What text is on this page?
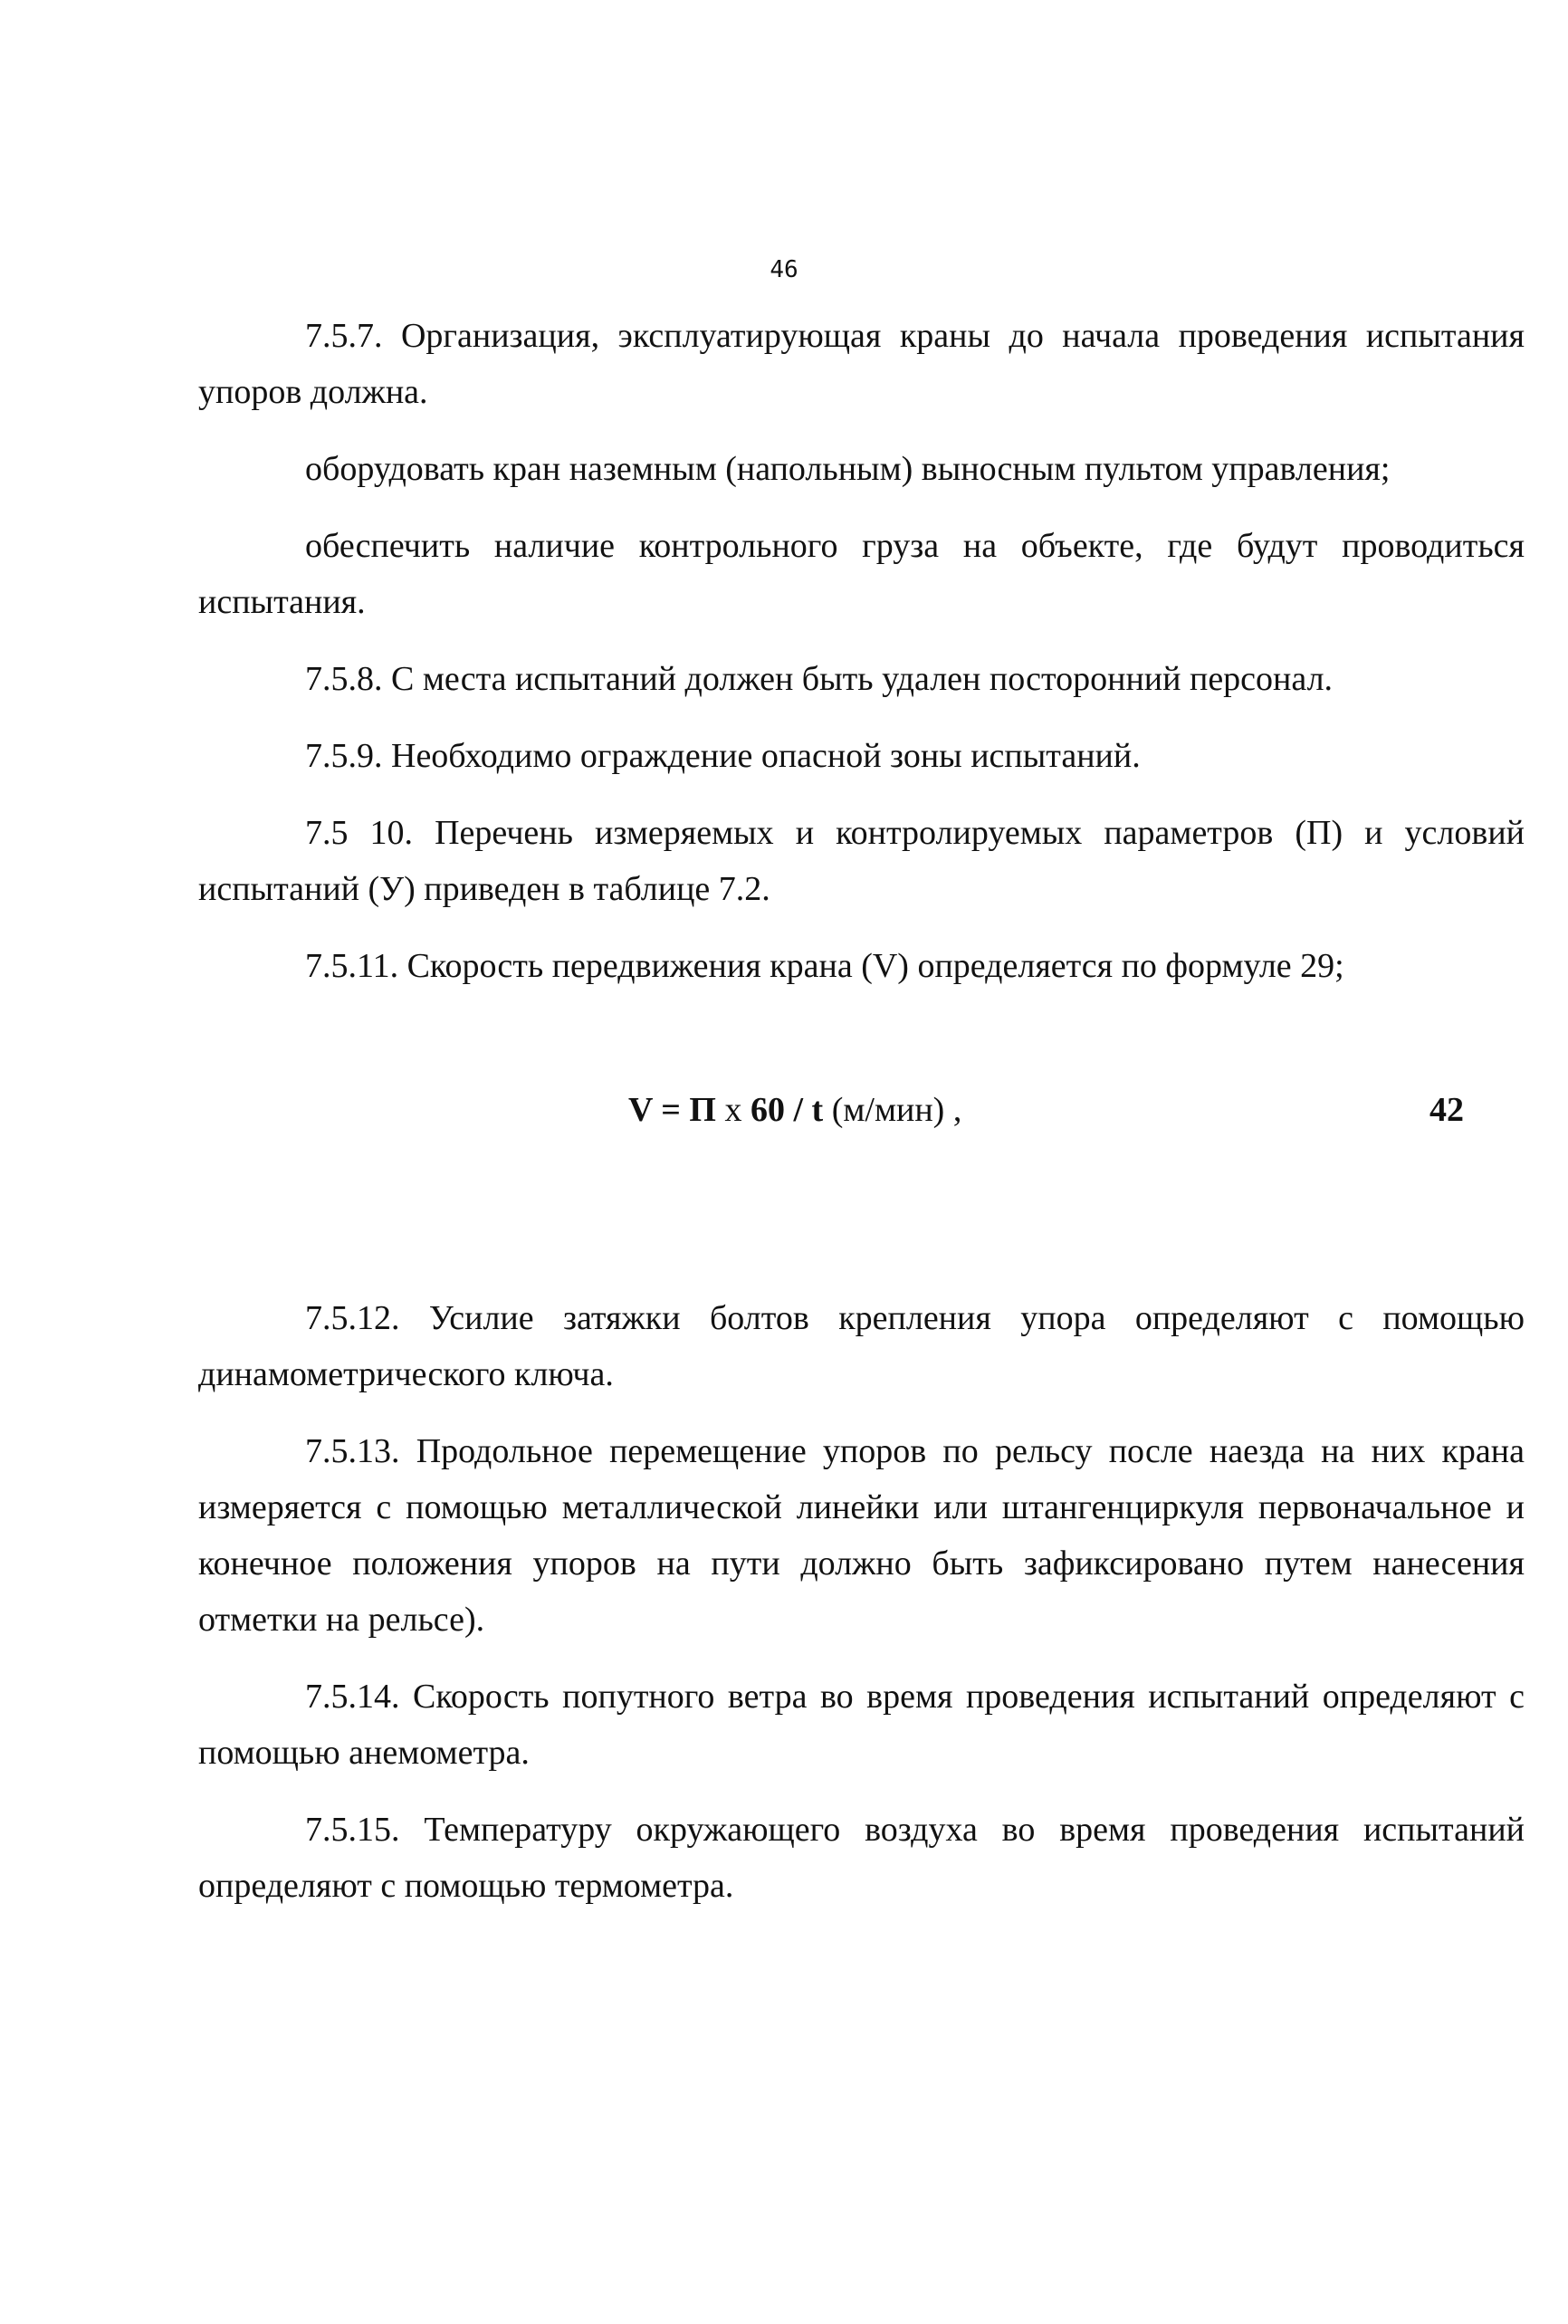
46

7.5.7. Организация, эксплуатирующая краны до начала проведения испытания упоров должна.

оборудовать кран наземным (напольным) выносным пультом управления;

обеспечить наличие контрольного груза на объекте, где будут проводиться испытания.

7.5.8. С места испытаний должен быть удален посторонний персонал.

7.5.9. Необходимо ограждение опасной зоны испытаний.

7.5 10. Перечень измеряемых и контролируемых параметров (П) и условий испытаний (У) приведен в таблице 7.2.

7.5.11. Скорость передвижения крана (V) определяется по формуле 29;

V = П х 60 / t (м/мин) ,	42

7.5.12. Усилие затяжки болтов крепления упора определяют с помощью динамометрического ключа.

7.5.13. Продольное перемещение упоров по рельсу после наезда на них крана измеряется с помощью металлической линейки или штангенциркуля первоначальное и конечное положения упоров на пути должно быть зафиксировано путем нанесения отметки на рельсе).

7.5.14. Скорость попутного ветра во время проведения испытаний определяют с помощью анемометра.

7.5.15. Температуру окружающего воздуха во время проведения испытаний определяют с помощью термометра.
